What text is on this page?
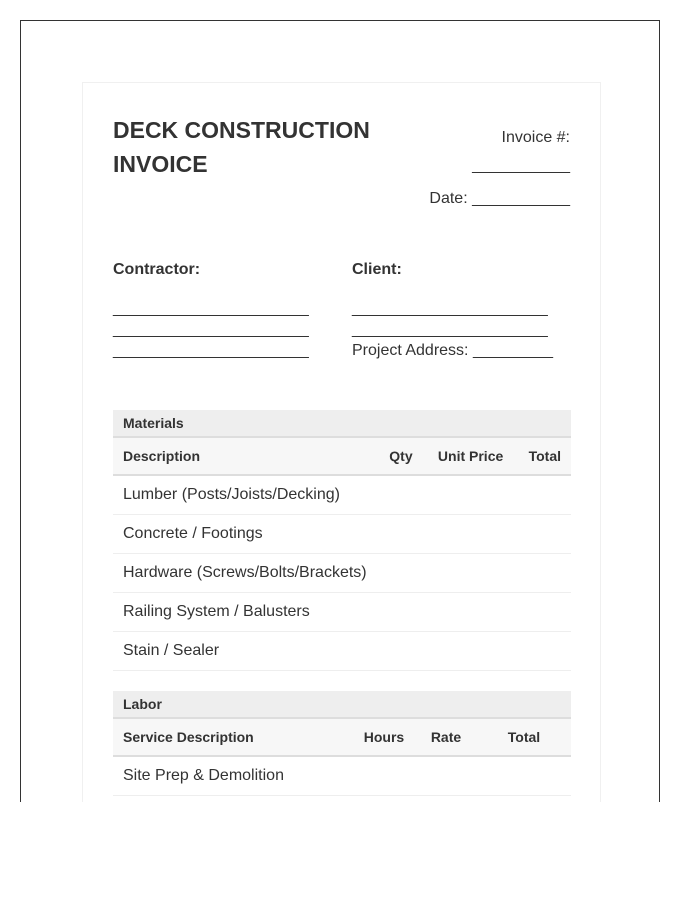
DECK CONSTRUCTION INVOICE
Invoice #:
___________
Date: ___________
Contractor:
______________________
______________________
______________________
Client:
______________________
______________________
Project Address: _________
Materials			
Description	Qty	Unit Price	Total
Lumber (Posts/Joists/Decking)			
Concrete / Footings			
Hardware (Screws/Bolts/Brackets)			
Railing System / Balusters			
Stain / Sealer			
Labor			
Service Description	Hours	Rate	Total
Site Prep & Demolition			
